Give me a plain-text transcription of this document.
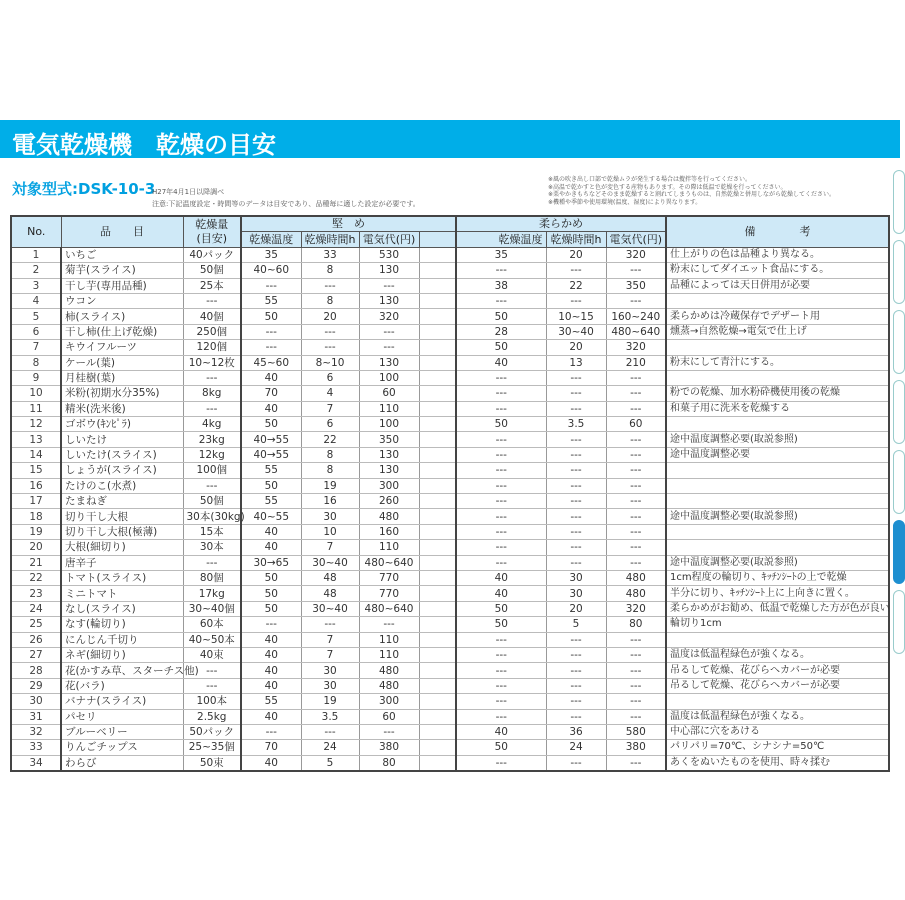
電気乾燥機　乾燥の目安
対象型式:DSK-10-3
H27年4月1日以降調べ
注意:下記温度設定・時間等のデータは目安であり、品種毎に適した設定が必要です。
※風の吹き出し口部で乾燥ムラが発生する場合は攪拌等を行ってください。
※高温で乾かすと色が変色する産物もあります。その際は低温で乾燥を行ってください。
※栗やかきもちなどそのまま乾燥すると割れてしまうものは、自然乾燥と併用しながら乾燥してください。
※機種や季節や使用環境(温度、湿度)により異なります。
No.	品　　目	乾燥量
(目安)	堅　め				柔らかめ			備　　　　考
			乾燥温度	乾燥時間h	電気代(円)		乾燥温度	乾燥時間h	電気代(円)	
1	いちご	40パック	35	33	530		35	20	320	仕上がりの色は品種より異なる。
2	菊芋(スライス)	50個	40~60	8	130		---	---	---	粉末にしてダイエット食品にする。
3	干し芋(専用品種)	25本	---	---	---		38	22	350	品種によっては天日併用が必要
4	ウコン	---	55	8	130		---	---	---	
5	柿(スライス)	40個	50	20	320		50	10~15	160~240	柔らかめは冷蔵保存でデザート用
6	干し柿(仕上げ乾燥)	250個	---	---	---		28	30~40	480~640	燻蒸→自然乾燥→電気で仕上げ
7	キウイフルーツ	120個	---	---	---		50	20	320	
8	ケール(葉)	10~12枚	45~60	8~10	130		40	13	210	粉末にして青汁にする。
9	月桂樹(葉)	---	40	6	100		---	---	---	
10	米粉(初期水分35%)	8kg	70	4	60		---	---	---	粉での乾燥、加水粉砕機使用後の乾燥
11	精米(洗米後)	---	40	7	110		---	---	---	和菓子用に洗米を乾燥する
12	ゴボウ(ｷﾝﾋﾟﾗ)	4kg	50	6	100		50	3.5	60	
13	しいたけ	23kg	40→55	22	350		---	---	---	途中温度調整必要(取説参照)
14	しいたけ(スライス)	12kg	40→55	8	130		---	---	---	途中温度調整必要
15	しょうが(スライス)	100個	55	8	130		---	---	---	
16	たけのこ(水煮)	---	50	19	300		---	---	---	
17	たまねぎ	50個	55	16	260		---	---	---	
18	切り干し大根	30本(30kg)	40~55	30	480		---	---	---	途中温度調整必要(取説参照)
19	切り干し大根(極薄)	15本	40	10	160		---	---	---	
20	大根(細切り)	30本	40	7	110		---	---	---	
21	唐辛子	---	30→65	30~40	480~640		---	---	---	途中温度調整必要(取説参照)
22	トマト(スライス)	80個	50	48	770		40	30	480	1cm程度の輪切り、ｷｯﾁﾝｼｰﾄの上で乾燥
23	ミニトマト	17kg	50	48	770		40	30	480	半分に切り、ｷｯﾁﾝｼｰﾄ上に上向きに置く。
24	なし(スライス)	30~40個	50	30~40	480~640		50	20	320	柔らかめがお勧め、低温で乾燥した方が色が良い
25	なす(輪切り)	60本	---	---	---		50	5	80	輪切り1cm
26	にんじん千切り	40~50本	40	7	110		---	---	---	
27	ネギ(細切り)	40束	40	7	110		---	---	---	温度は低温程緑色が強くなる。
28	花(かすみ草、スターチス他)	---	40	30	480		---	---	---	吊るして乾燥、花びらへカバーが必要
29	花(バラ)	---	40	30	480		---	---	---	吊るして乾燥、花びらへカバーが必要
30	バナナ(スライス)	100本	55	19	300		---	---	---	
31	パセリ	2.5kg	40	3.5	60		---	---	---	温度は低温程緑色が強くなる。
32	ブルーベリー	50パック	---	---	---		40	36	580	中心部に穴をあける
33	りんごチップス	25~35個	70	24	380		50	24	380	パリパリ=70℃、シナシナ=50℃
34	わらび	50束	40	5	80		---	---	---	あくをぬいたものを使用、時々揉む
